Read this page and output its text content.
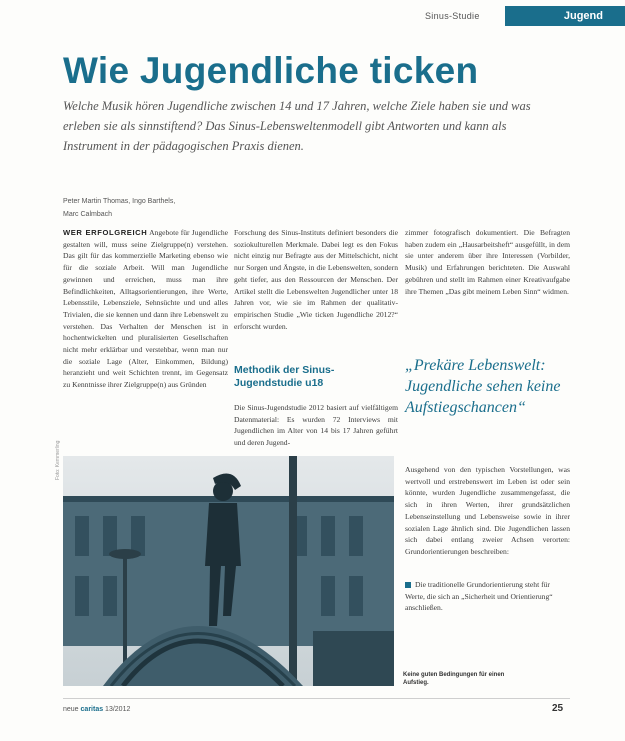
Sinus-Studie	Jugend
Wie Jugendliche ticken

Welche Musik hören Jugendliche zwischen 14 und 17 Jahren, welche Ziele haben sie und was erleben sie als sinnstiftend? Das Sinus-Lebensweltenmodell gibt Antworten und kann als Instrument in der pädagogischen Praxis dienen.

Peter Martin Thomas, Ingo Barthels,
Marc Calmbach
WER ERFOLGREICH Angebote für Jugendliche gestalten will, muss seine Zielgruppe(n) verstehen. Das gilt für das kommerzielle Marketing ebenso wie für die soziale Arbeit. Will man Jugendliche gewinnen und erreichen, muss man ihre Befindlichkeiten, Alltagsorientierungen, ihre Werte, Lebensstile, Lebensziele, Sehnsüchte und und alles Trivialen, die sie kennen und dann ihre Lebenswelt zu verstehen. Das Verhalten der Menschen ist in hochentwickelten und pluralisierten Gesellschaften nicht mehr erklärbar und verstehbar, wenn man nur die soziale Lage (Alter, Einkommen, Bildung) heranzieht und weit Schichten trennt, im Gegensatz zu Kenntnisse ihrer Zielgruppe(n) aus Gründen
Forschung des Sinus-Instituts definiert besonders die soziokulturellen Merkmale. Dabei legt es den Fokus nicht einzig nur Befragte aus der Mittelschicht, nicht nur Sorgen und Ängste, in die Lebenswelten, sondern geht tiefer, aus den Ressourcen der Menschen. Der Artikel stellt die Lebenswelten Jugendlicher unter 18 Jahren vor, wie sie im Rahmen der qualitativ-empirischen Studie „Wie ticken Jugendliche 2012?“ erforscht wurden.
Methodik der Sinus-Jugendstudie u18
Die Sinus-Jugendstudie 2012 basiert auf vielfältigem Datenmaterial: Es wurden 72 Interviews mit Jugendlichen im Alter von 14 bis 17 Jahren geführt und deren Jugend-
zimmer fotografisch dokumentiert. Die Befragten haben zudem ein „Hausarbeitsheft“ ausgefüllt, in dem sie unter anderem über ihre Interessen (Vorbilder, Musik) und Erfahrungen berichteten. Die Auswahl gebühren und stellt im Rahmen einer Kreativaufgabe ihre Themen „Das gibt meinem Leben Sinn“ widmen.
„Prekäre Lebenswelt: Jugendliche sehen keine Aufstiegschancen“
Ausgehend von den typischen Vorstellungen, was wertvoll und erstrebenswert im Leben ist oder sein könnte, wurden Jugendliche zusammengefasst, die sich in ihren Werten, ihrer grundsätzlichen Lebenseinstellung und Lebensweise sowie in ihrer sozialen Lage ähnlich sind. Die Jugendlichen lassen sich dabei entlang zweier Achsen verorten: Grundorientierungen beschreiben:
Die traditionelle Grundorientierung steht für Werte, die sich an „Sicherheit und Orientierung“ anschließen.
Foto: Kemmerling
Keine guten Bedingungen für einen Aufstieg.
neue caritas 13/2012	25
